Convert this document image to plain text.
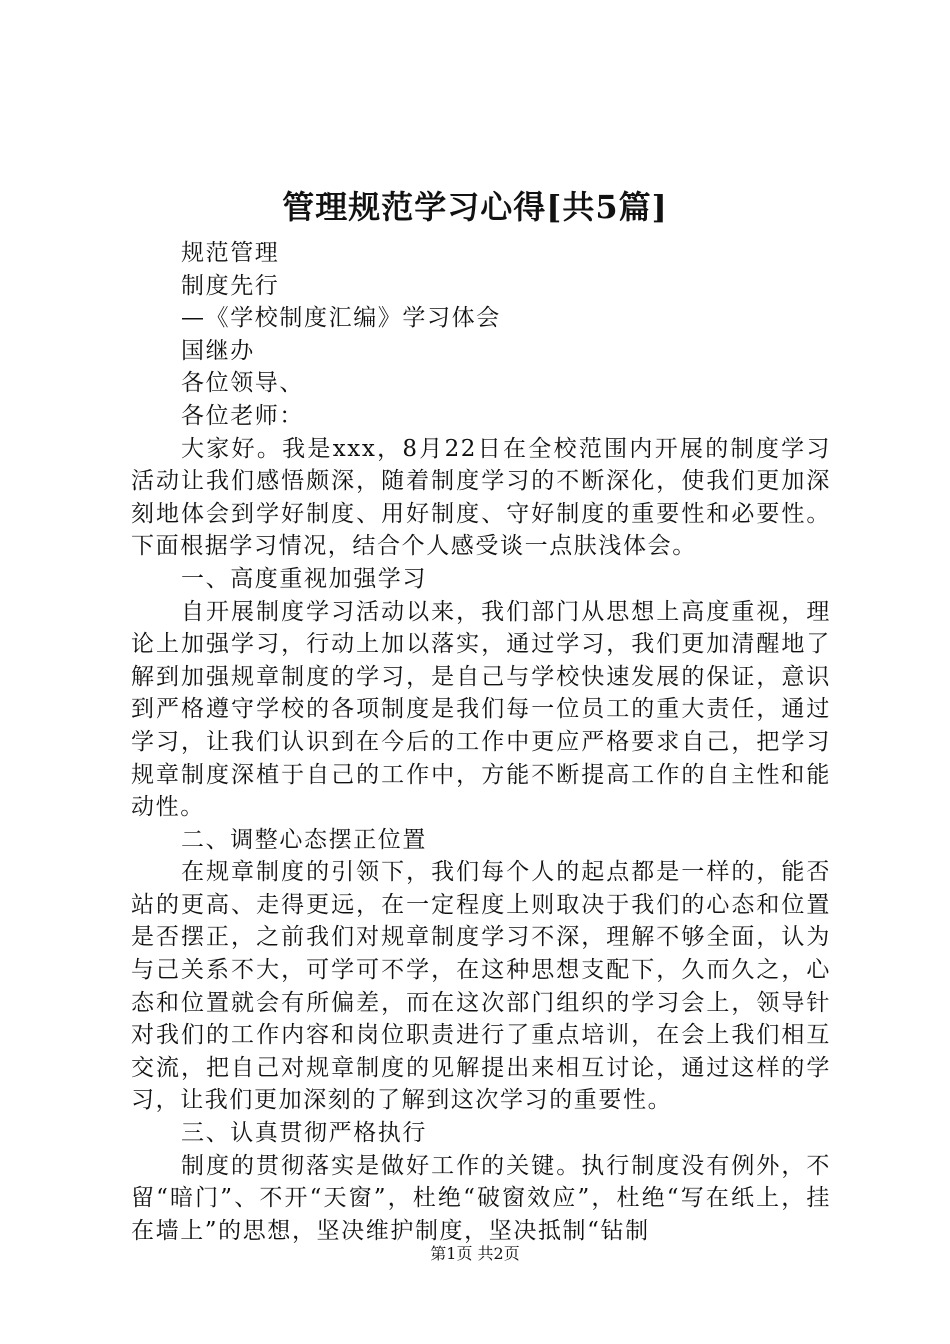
管理规范学习心得[共5篇]

规范管理

制度先行

—《学校制度汇编》学习体会

国继办

各位领导、

各位老师：

大家好。我是xxx，8月22日在全校范围内开展的制度学习活动让我们感悟颇深，随着制度学习的不断深化，使我们更加深刻地体会到学好制度、用好制度、守好制度的重要性和必要性。下面根据学习情况，结合个人感受谈一点肤浅体会。

一、高度重视加强学习

自开展制度学习活动以来，我们部门从思想上高度重视，理论上加强学习，行动上加以落实，通过学习，我们更加清醒地了解到加强规章制度的学习，是自己与学校快速发展的保证，意识到严格遵守学校的各项制度是我们每一位员工的重大责任，通过学习，让我们认识到在今后的工作中更应严格要求自己，把学习规章制度深植于自己的工作中，方能不断提高工作的自主性和能动性。

二、调整心态摆正位置

在规章制度的引领下，我们每个人的起点都是一样的，能否站的更高、走得更远，在一定程度上则取决于我们的心态和位置是否摆正，之前我们对规章制度学习不深，理解不够全面，认为与己关系不大，可学可不学，在这种思想支配下，久而久之，心态和位置就会有所偏差，而在这次部门组织的学习会上，领导针对我们的工作内容和岗位职责进行了重点培训，在会上我们相互交流，把自己对规章制度的见解提出来相互讨论，通过这样的学习，让我们更加深刻的了解到这次学习的重要性。

三、认真贯彻严格执行

制度的贯彻落实是做好工作的关键。执行制度没有例外，不留“暗门”、不开“天窗”，杜绝“破窗效应”，杜绝“写在纸上，挂在墙上”的思想，坚决维护制度，坚决抵制“钻制

第1页 共2页
